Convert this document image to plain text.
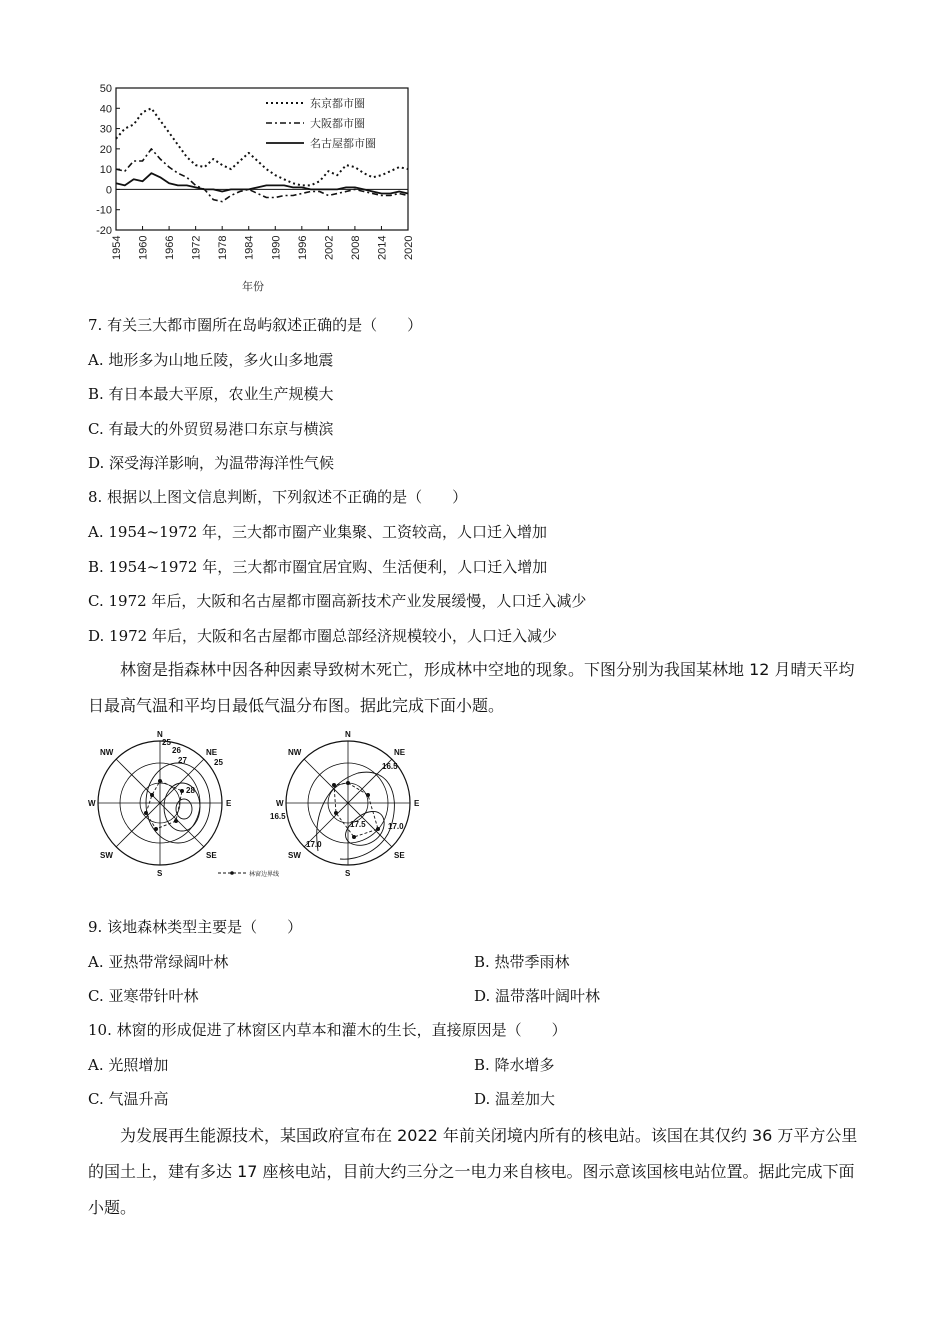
50
40
30
20
10
0
-10
-20
1954 1960 1966 1972 1978 1984 1990 1996 2002 2008 2014 2020
东京都市圈
大阪都市圈
名古屋都市圈
年份
7. 有关三大都市圈所在岛屿叙述正确的是（　　）
A. 地形多为山地丘陵，多火山多地震
B. 有日本最大平原，农业生产规模大
C. 有最大的外贸贸易港口东京与横滨
D. 深受海洋影响，为温带海洋性气候
8. 根据以上图文信息判断，下列叙述不正确的是（　　）
A. 1954~1972 年，三大都市圈产业集聚、工资较高，人口迁入增加
B. 1954~1972 年，三大都市圈宜居宜购、生活便利，人口迁入增加
C. 1972 年后，大阪和名古屋都市圈高新技术产业发展缓慢，人口迁入减少
D. 1972 年后，大阪和名古屋都市圈总部经济规模较小，人口迁入减少
林窗是指森林中因各种因素导致树木死亡，形成林中空地的现象。下图分别为我国某林地 12 月晴天平均日最高气温和平均日最低气温分布图。据此完成下面小题。
N
NE
E
SE
S
SW
W
NW
25
26
27
28
25
林窗边界线
N
NE
E
SE
S
SW
W
NW
16.5
17.5	17.0
17.0
16.5
9. 该地森林类型主要是（　　）
A. 亚热带常绿阔叶林	B. 热带季雨林
C. 亚寒带针叶林	D. 温带落叶阔叶林
10. 林窗的形成促进了林窗区内草本和灌木的生长，直接原因是（　　）
A. 光照增加	B. 降水增多
C. 气温升高	D. 温差加大
为发展再生能源技术，某国政府宣布在 2022 年前关闭境内所有的核电站。该国在其仅约 36 万平方公里的国土上，建有多达 17 座核电站，目前大约三分之一电力来自核电。图示意该国核电站位置。据此完成下面小题。
